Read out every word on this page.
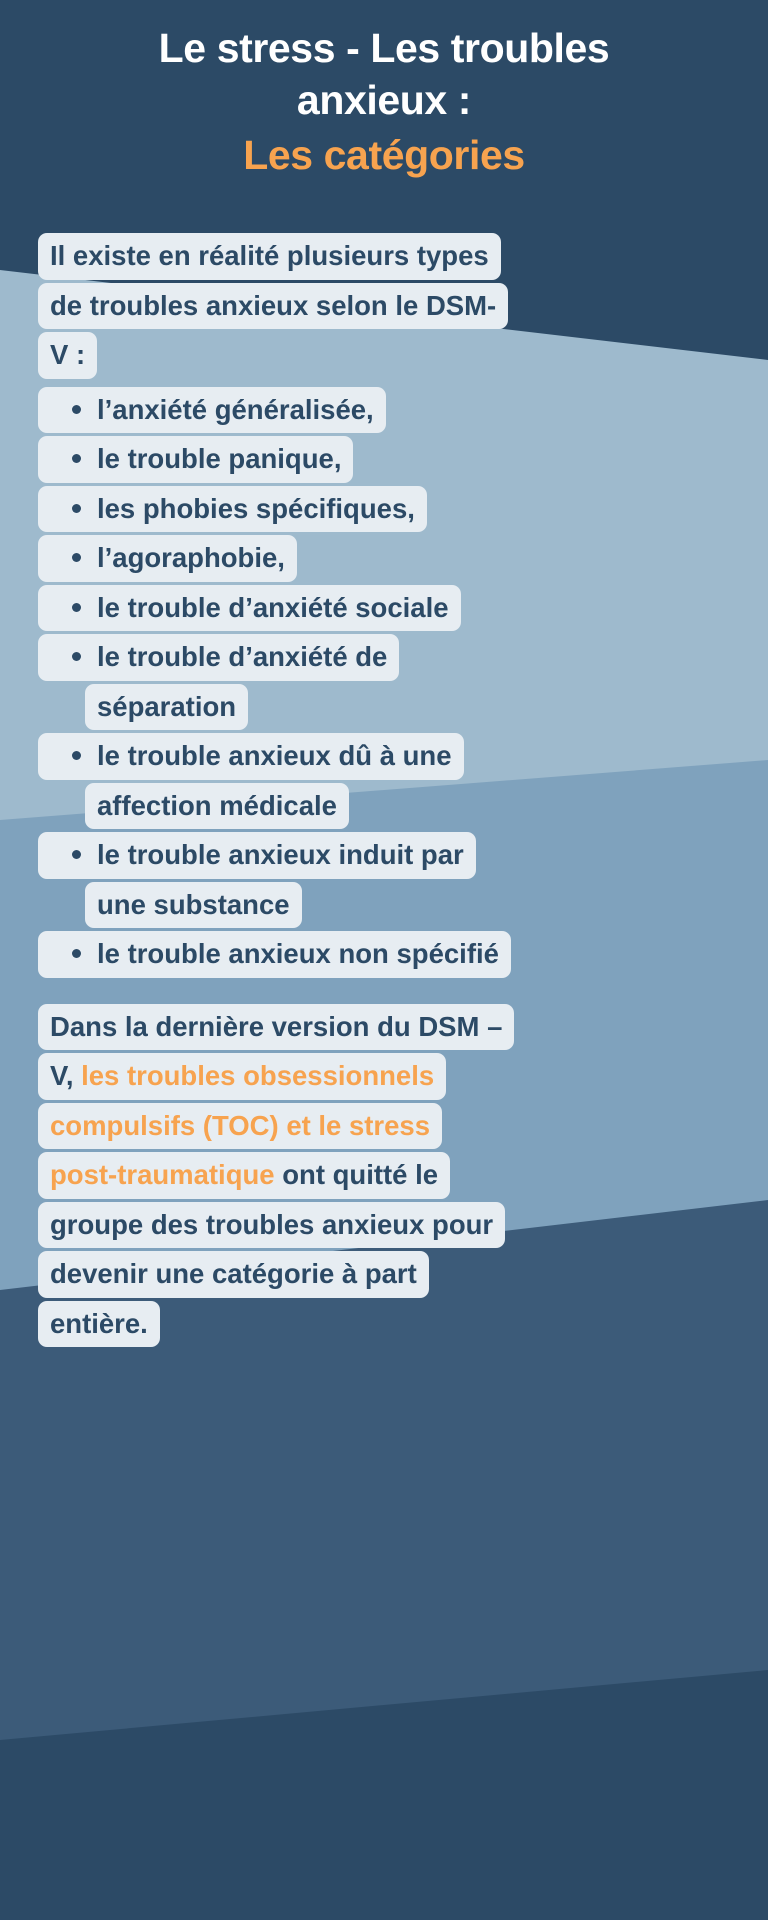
Le stress - Les troubles
anxieux :
Les catégories
Il existe en réalité plusieurs types
de troubles anxieux selon le DSM-
V :
l’anxiété généralisée,
le trouble panique,
les phobies spécifiques,
l’agoraphobie,
le trouble d’anxiété sociale
le trouble d’anxiété de
séparation
le trouble anxieux dû à une
affection médicale
le trouble anxieux induit par
une substance
le trouble anxieux non spécifié
Dans la dernière version du DSM –
V, les troubles obsessionnels
compulsifs (TOC) et le stress
post-traumatique ont quitté le
groupe des troubles anxieux pour
devenir une catégorie à part
entière.
